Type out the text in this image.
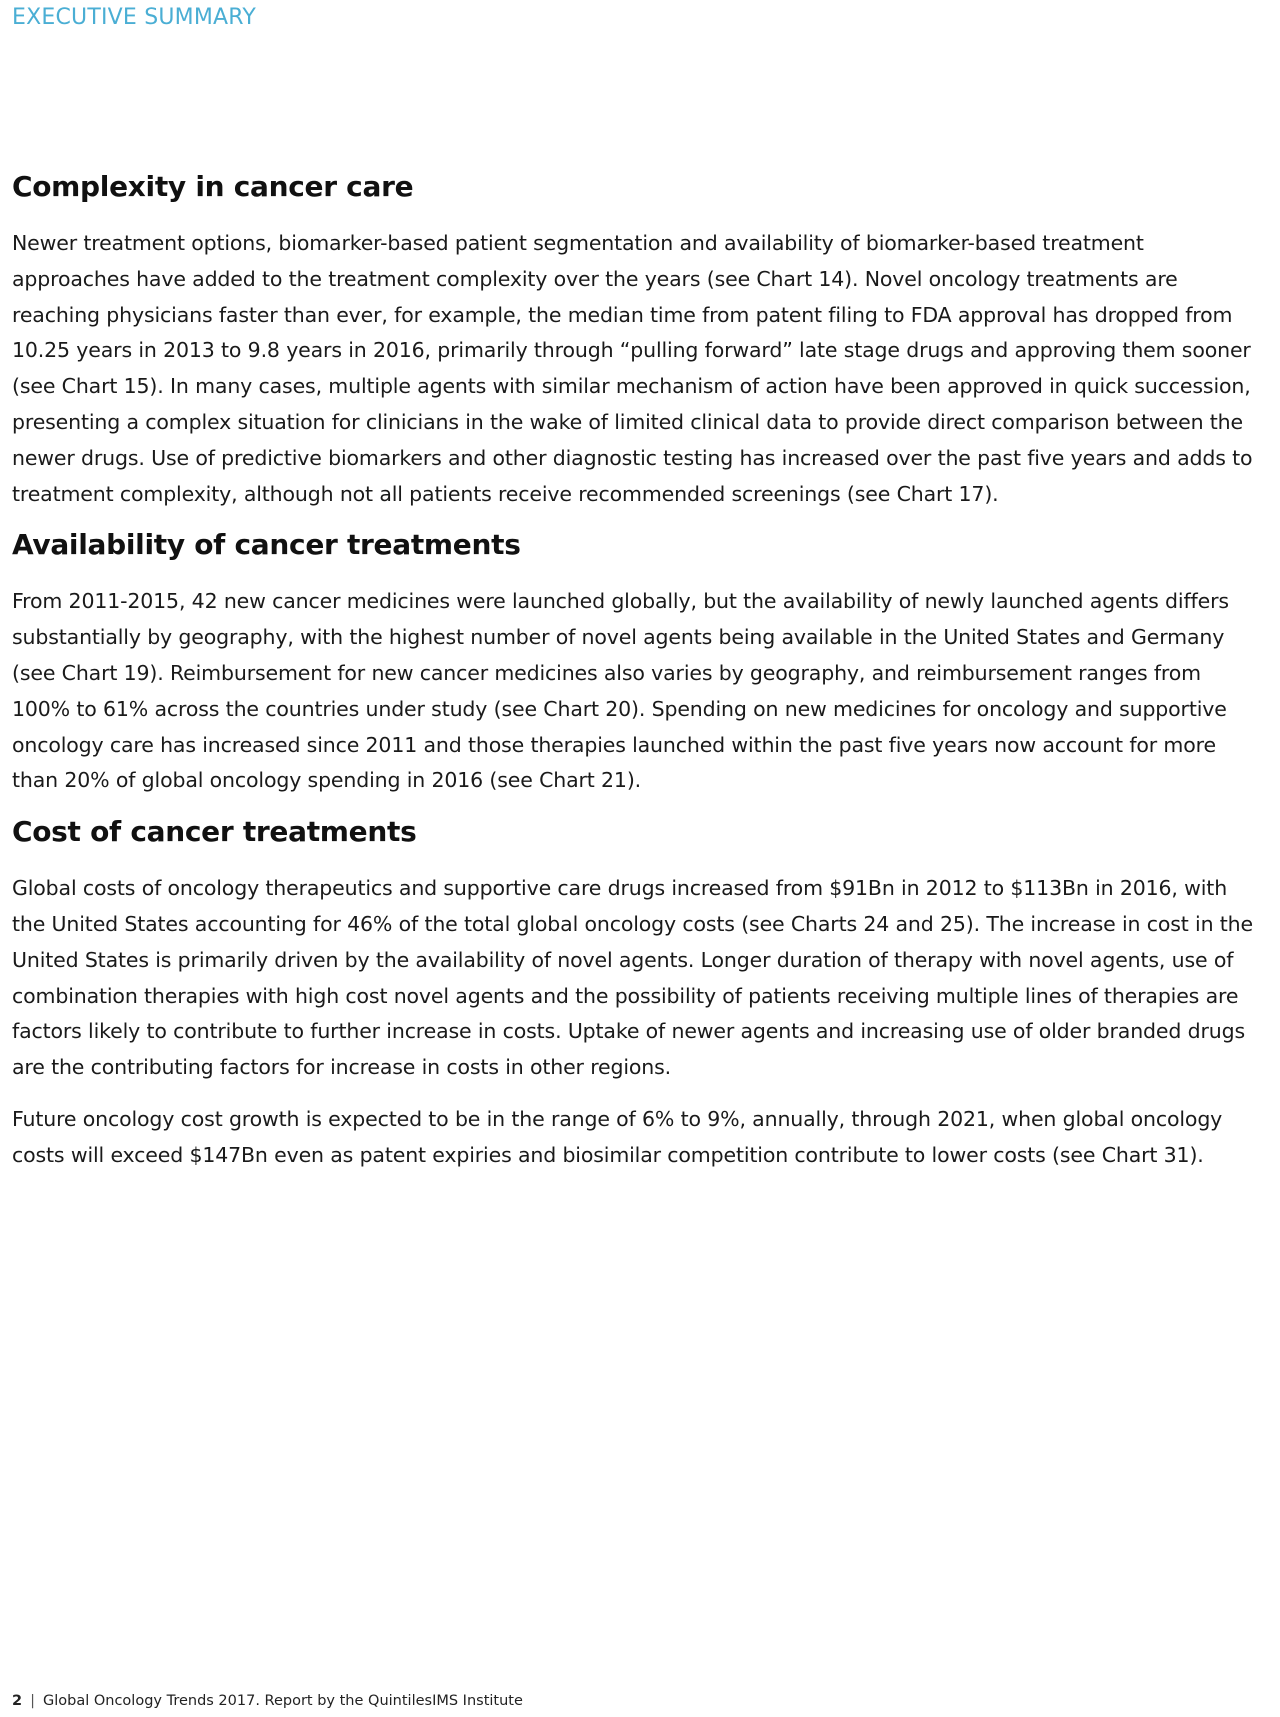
EXECUTIVE SUMMARY
Complexity in cancer care

Newer treatment options, biomarker-based patient segmentation and availability of biomarker-based treatment approaches have added to the treatment complexity over the years (see Chart 14). Novel oncology treatments are reaching physicians faster than ever, for example, the median time from patent filing to FDA approval has dropped from 10.25 years in 2013 to 9.8 years in 2016, primarily through “pulling forward” late stage drugs and approving them sooner (see Chart 15). In many cases, multiple agents with similar mechanism of action have been approved in quick succession, presenting a complex situation for clinicians in the wake of limited clinical data to provide direct comparison between the newer drugs. Use of predictive biomarkers and other diagnostic testing has increased over the past five years and adds to treatment complexity, although not all patients receive recommended screenings (see Chart 17).

Availability of cancer treatments

From 2011-2015, 42 new cancer medicines were launched globally, but the availability of newly launched agents differs substantially by geography, with the highest number of novel agents being available in the United States and Germany (see Chart 19). Reimbursement for new cancer medicines also varies by geography, and reimbursement ranges from 100% to 61% across the countries under study (see Chart 20). Spending on new medicines for oncology and supportive oncology care has increased since 2011 and those therapies launched within the past five years now account for more than 20% of global oncology spending in 2016 (see Chart 21).

Cost of cancer treatments

Global costs of oncology therapeutics and supportive care drugs increased from $91Bn in 2012 to $113Bn in 2016, with the United States accounting for 46% of the total global oncology costs (see Charts 24 and 25). The increase in cost in the United States is primarily driven by the availability of novel agents. Longer duration of therapy with novel agents, use of combination therapies with high cost novel agents and the possibility of patients receiving multiple lines of therapies are factors likely to contribute to further increase in costs. Uptake of newer agents and increasing use of older branded drugs are the contributing factors for increase in costs in other regions.

Future oncology cost growth is expected to be in the range of 6% to 9%, annually, through 2021, when global oncology costs will exceed $147Bn even as patent expiries and biosimilar competition contribute to lower costs (see Chart 31).

2 | Global Oncology Trends 2017. Report by the QuintilesIMS Institute
